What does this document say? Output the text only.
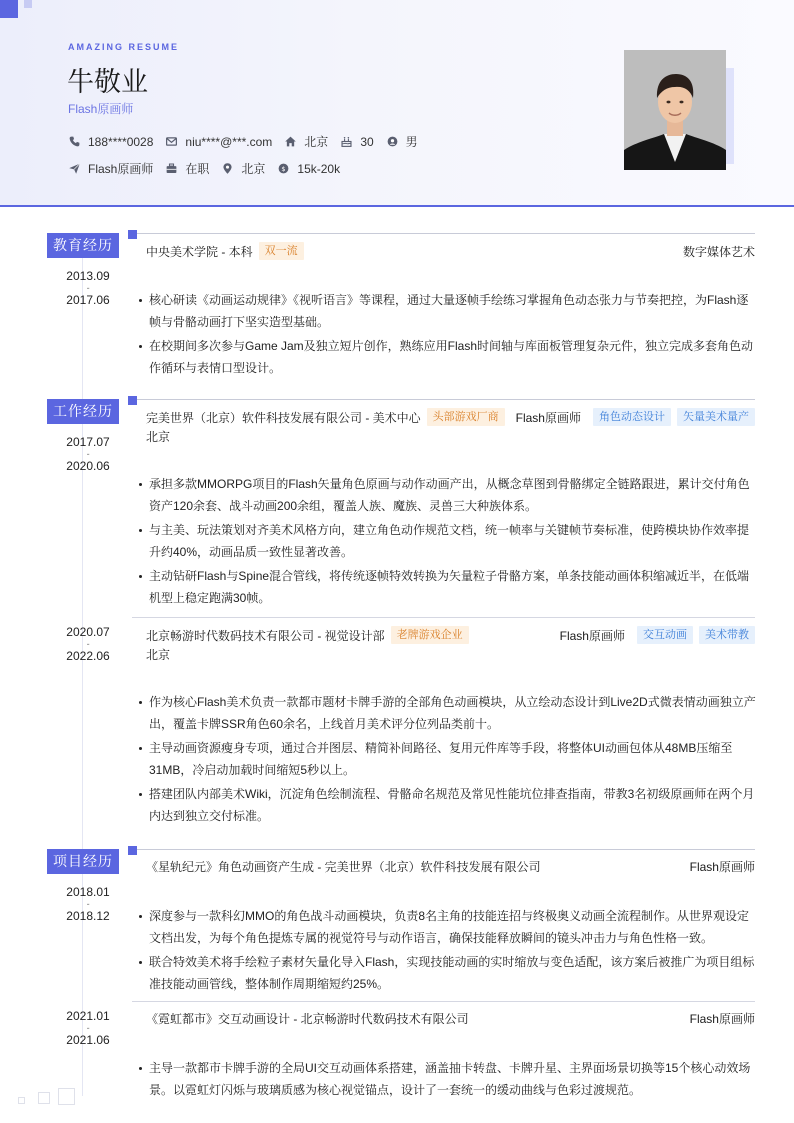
AMAZING RESUME
牛敬业
Flash原画师
188****0028	niu****@***.com	北京	30	男
Flash原画师	在职	北京 $ 15k-20k
教育经历
2013.09
-
2017.06
中央美术学院 - 本科	双一流	数字媒体艺术
核心研读《动画运动规律》《视听语言》等课程，通过大量逐帧手绘练习掌握角色动态张力与节奏把控，为Flash逐帧与骨骼动画打下坚实造型基础。
在校期间多次参与Game Jam及独立短片创作，熟练应用Flash时间轴与库面板管理复杂元件，独立完成多套角色动作循环与表情口型设计。
工作经历
2017.07
-
2020.06
完美世界（北京）软件科技发展有限公司 - 美术中心	头部游戏厂商	Flash原画师	角色动态设计	矢量美术量产
北京
承担多款MMORPG项目的Flash矢量角色原画与动作动画产出，从概念草图到骨骼绑定全链路跟进，累计交付角色资产120余套、战斗动画200余组，覆盖人族、魔族、灵兽三大种族体系。
与主美、玩法策划对齐美术风格方向，建立角色动作规范文档，统一帧率与关键帧节奏标准，使跨模块协作效率提升约40%，动画品质一致性显著改善。
主动钻研Flash与Spine混合管线，将传统逐帧特效转换为矢量粒子骨骼方案，单条技能动画体积缩减近半，在低端机型上稳定跑满30帧。
2020.07
-
2022.06
北京畅游时代数码技术有限公司 - 视觉设计部	老牌游戏企业	Flash原画师	交互动画	美术带教
北京
作为核心Flash美术负责一款都市题材卡牌手游的全部角色动画模块，从立绘动态设计到Live2D式微表情动画独立产出，覆盖卡牌SSR角色60余名，上线首月美术评分位列品类前十。
主导动画资源瘦身专项，通过合并图层、精简补间路径、复用元件库等手段，将整体UI动画包体从48MB压缩至31MB，冷启动加载时间缩短5秒以上。
搭建团队内部美术Wiki，沉淀角色绘制流程、骨骼命名规范及常见性能坑位排查指南，带教3名初级原画师在两个月内达到独立交付标准。
项目经历
2018.01
-
2018.12
《星轨纪元》角色动画资产生成 - 完美世界（北京）软件科技发展有限公司	Flash原画师
深度参与一款科幻MMO的角色战斗动画模块，负责8名主角的技能连招与终极奥义动画全流程制作。从世界观设定文档出发，为每个角色提炼专属的视觉符号与动作语言，确保技能释放瞬间的镜头冲击力与角色性格一致。
联合特效美术将手绘粒子素材矢量化导入Flash，实现技能动画的实时缩放与变色适配，该方案后被推广为项目组标准技能动画管线，整体制作周期缩短约25%。
2021.01
-
2021.06
《霓虹都市》交互动画设计 - 北京畅游时代数码技术有限公司	Flash原画师
主导一款都市卡牌手游的全局UI交互动画体系搭建，涵盖抽卡转盘、卡牌升星、主界面场景切换等15个核心动效场景。以霓虹灯闪烁与玻璃质感为核心视觉锚点，设计了一套统一的缓动曲线与色彩过渡规范。
